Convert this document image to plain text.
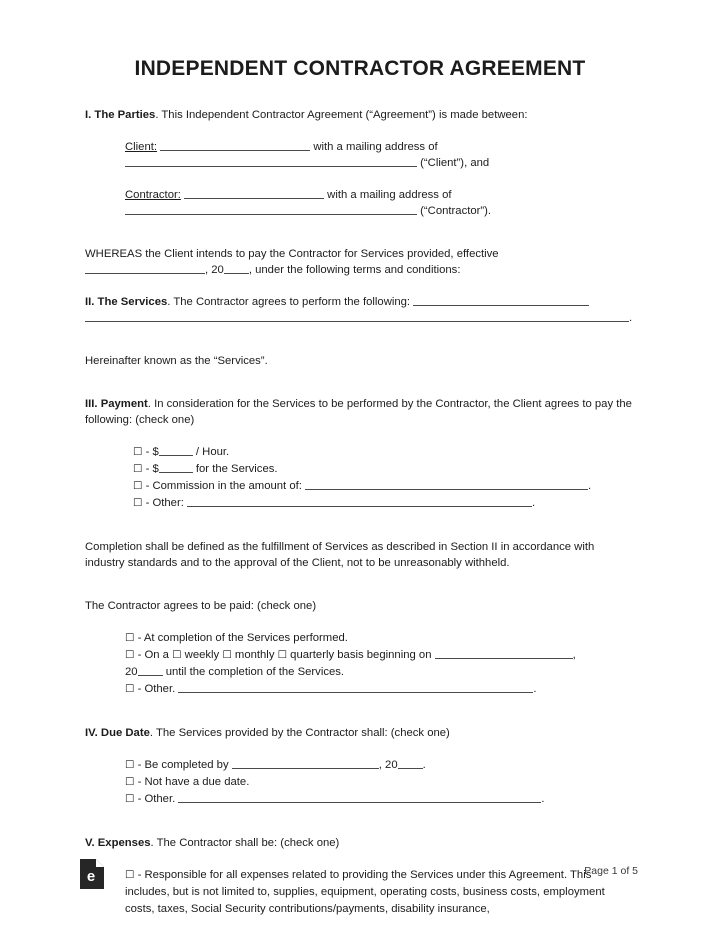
INDEPENDENT CONTRACTOR AGREEMENT

I. The Parties. This Independent Contractor Agreement (“Agreement”) is made between:

Client:	with a mailing address of
(“Client”), and
Contractor:	with a mailing address of
(“Contractor”).
WHEREAS the Client intends to pay the Contractor for Services provided, effective
, 20 , under the following terms and conditions:
II. The Services. The Contractor agrees to perform the following:
.

Hereinafter known as the “Services”.

III. Payment. In consideration for the Services to be performed by the Contractor, the Client agrees to pay the following: (check one)

☐ - $	/ Hour.
☐ - $	for the Services.
☐ - Commission in the amount of:	.
☐ - Other:	.

Completion shall be defined as the fulfillment of Services as described in Section II in accordance with industry standards and to the approval of the Client, not to be unreasonably withheld.

The Contractor agrees to be paid: (check one)

☐ - At completion of the Services performed.
☐ - On a ☐ weekly ☐ monthly ☐ quarterly basis beginning on	,
20 until the completion of the Services.
☐ - Other.	.

IV. Due Date. The Services provided by the Contractor shall: (check one)

☐ - Be completed by	, 20 .
☐ - Not have a due date.
☐ - Other.	.

V. Expenses. The Contractor shall be: (check one)

☐ - Responsible for all expenses related to providing the Services under this Agreement. This includes, but is not limited to, supplies, equipment, operating costs, business costs, employment costs, taxes, Social Security contributions/payments, disability insurance,
e	Page 1 of 5
